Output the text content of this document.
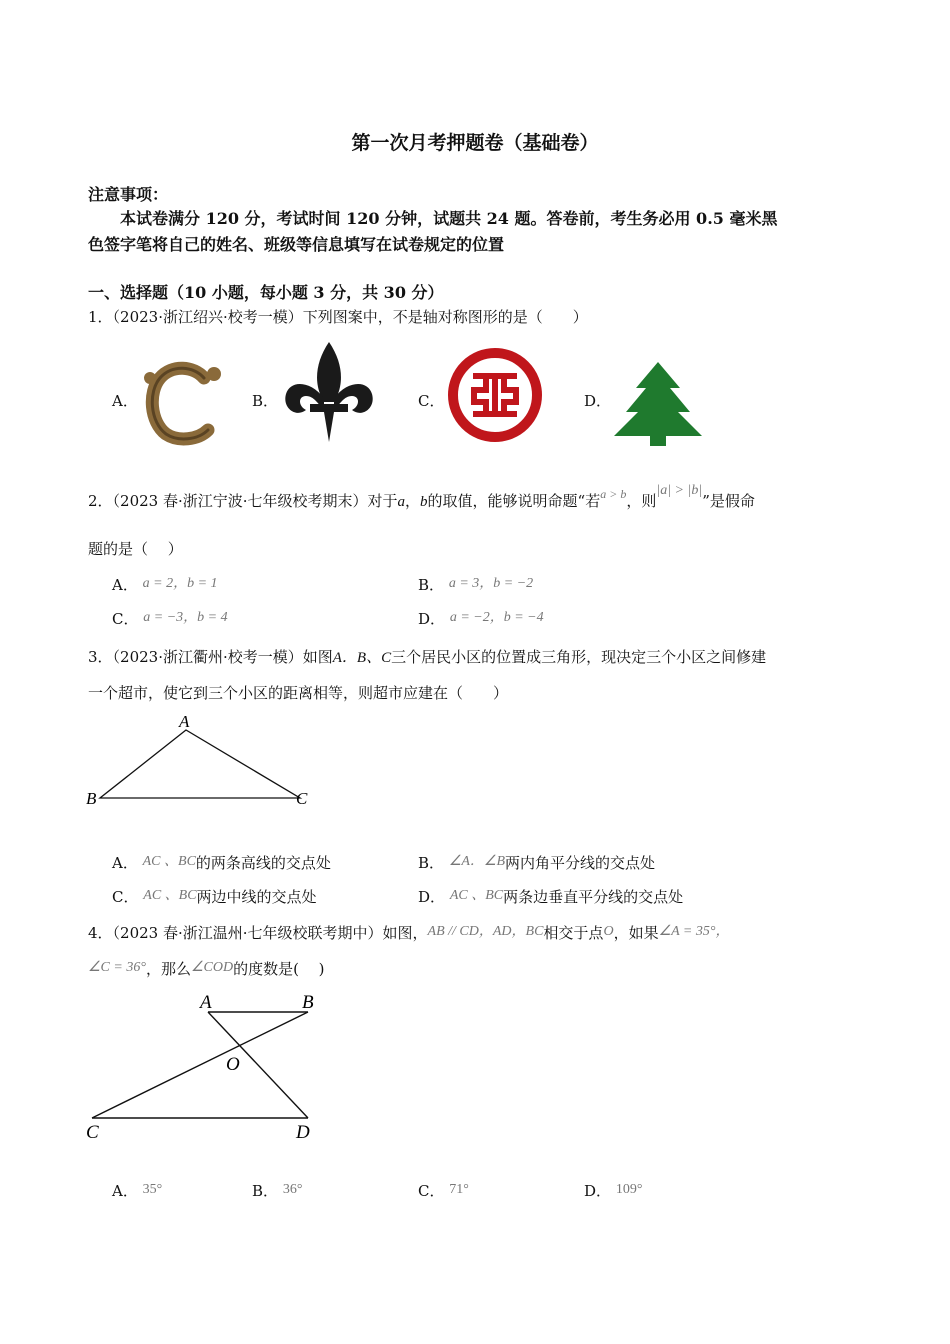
第一次月考押题卷（基础卷）
注意事项：
本试卷满分 120 分，考试时间 120 分钟，试题共 24 题。答卷前，考生务必用 0.5 毫米黑
色签字笔将自己的姓名、班级等信息填写在试卷规定的位置
一、选择题（10 小题，每小题 3 分，共 30 分）
1．（2023·浙江绍兴·校考一模）下列图案中，不是轴对称图形的是（　　）
A．	B．	C．	D．
2．（2023 春·浙江宁波·七年级校考期末）对于a，b的取值，能够说明命题“若$^{a > b}$，则|a| > |b|”是假命
题的是（　 ）
A． a = 2，b = 1	B． a = 3，b = −2
C． a = −3，b = 4	D． a = −2，b = −4
3．（2023·浙江衢州·校考一模）如图A．B、C三个居民小区的位置成三角形，现决定三个小区之间修建
一个超市，使它到三个小区的距离相等，则超市应建在（　　）
A
B	C
A． AC 、BC的两条高线的交点处	B． ∠A．∠B两内角平分线的交点处
C． AC 、BC两边中线的交点处	D． AC 、BC两条边垂直平分线的交点处
4．（2023 春·浙江温州·七年级校联考期中）如图，AB // CD，AD，BC相交于点O，如果∠A = 35°，
∠C = 36°，那么∠COD的度数是(　 )
A	B
O
C	D
A． 35°	B． 36°	C． 71°	D． 109°
